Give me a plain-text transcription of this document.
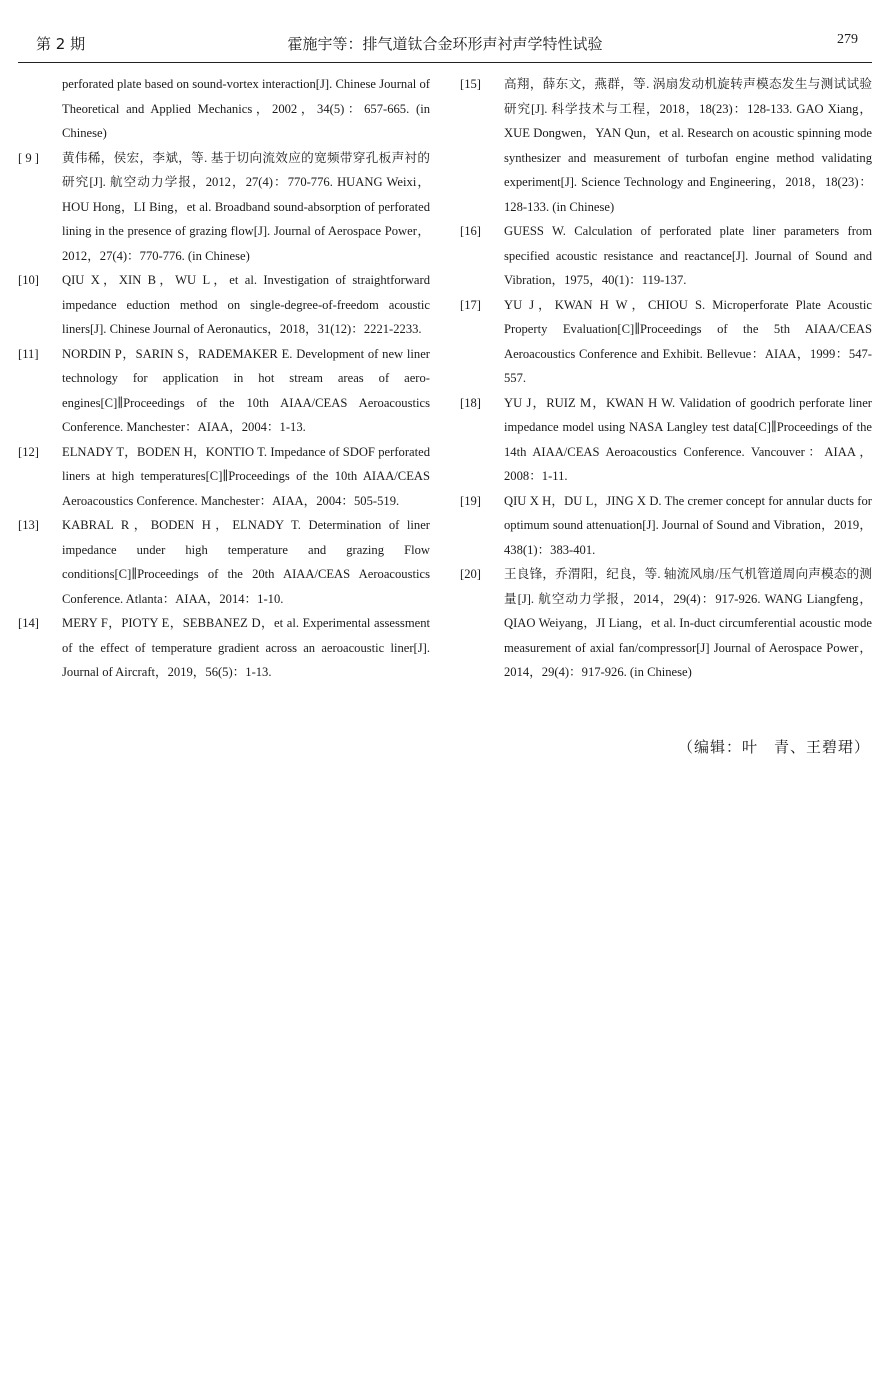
第 2 期	霍施宇等：排气道钛合金环形声衬声学特性试验	279
perforated plate based on sound-vortex interaction[J]. Chinese Journal of Theoretical and Applied Mechanics，2002，34(5)：657-665. (in Chinese)
[ 9 ]	黄伟稀，侯宏，李斌，等. 基于切向流效应的宽频带穿孔板声衬的研究[J]. 航空动力学报，2012，27(4)：770-776. HUANG Weixi，HOU Hong，LI Bing，et al. Broadband sound-absorption of perforated lining in the presence of grazing flow[J]. Journal of Aerospace Power，2012，27(4)：770-776. (in Chinese)
[10]	QIU X，XIN B，WU L，et al. Investigation of straightforward impedance eduction method on single-degree-of-freedom acoustic liners[J]. Chinese Journal of Aeronautics，2018，31(12)：2221-2233.
[11]	NORDIN P，SARIN S，RADEMAKER E. Development of new liner technology for application in hot stream areas of aero-engines[C]∥Proceedings of the 10th AIAA/CEAS Aeroacoustics Conference. Manchester：AIAA，2004：1-13.
[12]	ELNADY T，BODEN H，KONTIO T. Impedance of SDOF perforated liners at high temperatures[C]∥Proceedings of the 10th AIAA/CEAS Aeroacoustics Conference. Manchester：AIAA，2004：505-519.
[13]	KABRAL R，BODEN H，ELNADY T. Determination of liner impedance under high temperature and grazing Flow conditions[C]∥Proceedings of the 20th AIAA/CEAS Aeroacoustics Conference. Atlanta：AIAA，2014：1-10.
[14]	MERY F，PIOTY E，SEBBANEZ D，et al. Experimental assessment of the effect of temperature gradient across an aeroacoustic liner[J]. Journal of Aircraft，2019，56(5)：1-13.
[15]	高翔，薛东文，燕群，等. 涡扇发动机旋转声模态发生与测试试验研究[J]. 科学技术与工程，2018，18(23)：128-133. GAO Xiang，XUE Dongwen，YAN Qun，et al. Research on acoustic spinning mode synthesizer and measurement of turbofan engine method validating experiment[J]. Science Technology and Engineering，2018，18(23)：128-133. (in Chinese)
[16]	GUESS W. Calculation of perforated plate liner parameters from specified acoustic resistance and reactance[J]. Journal of Sound and Vibration，1975，40(1)：119-137.
[17]	YU J，KWAN H W，CHIOU S. Microperforate Plate Acoustic Property Evaluation[C]∥Proceedings of the 5th AIAA/CEAS Aeroacoustics Conference and Exhibit. Bellevue：AIAA，1999：547-557.
[18]	YU J，RUIZ M，KWAN H W. Validation of goodrich perforate liner impedance model using NASA Langley test data[C]∥Proceedings of the 14th AIAA/CEAS Aeroacoustics Conference. Vancouver：AIAA，2008：1-11.
[19]	QIU X H，DU L，JING X D. The cremer concept for annular ducts for optimum sound attenuation[J]. Journal of Sound and Vibration，2019，438(1)：383-401.
[20]	王良锋，乔渭阳，纪良，等. 轴流风扇/压气机管道周向声模态的测量[J]. 航空动力学报，2014，29(4)：917-926. WANG Liangfeng，QIAO Weiyang，JI Liang，et al. In-duct circumferential acoustic mode measurement of axial fan/compressor[J] Journal of Aerospace Power，2014，29(4)：917-926. (in Chinese)
（编辑：叶　青、王碧珺）
